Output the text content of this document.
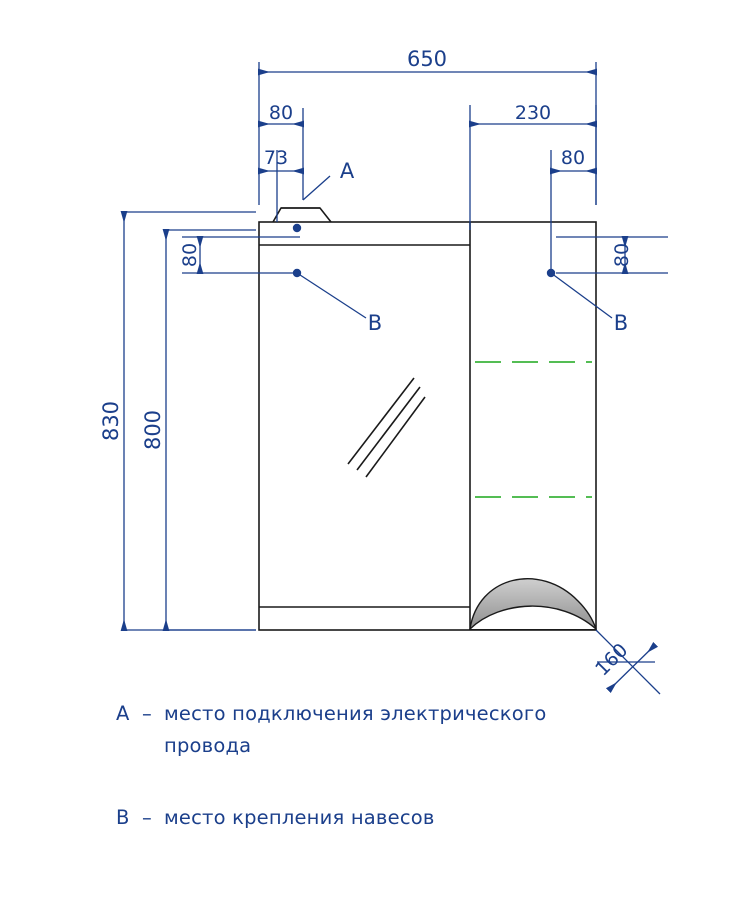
650
80
73
230
80
80	80
830 800
160
A
B	B
A – место подключения электрического
провода
B – место крепления навесов
